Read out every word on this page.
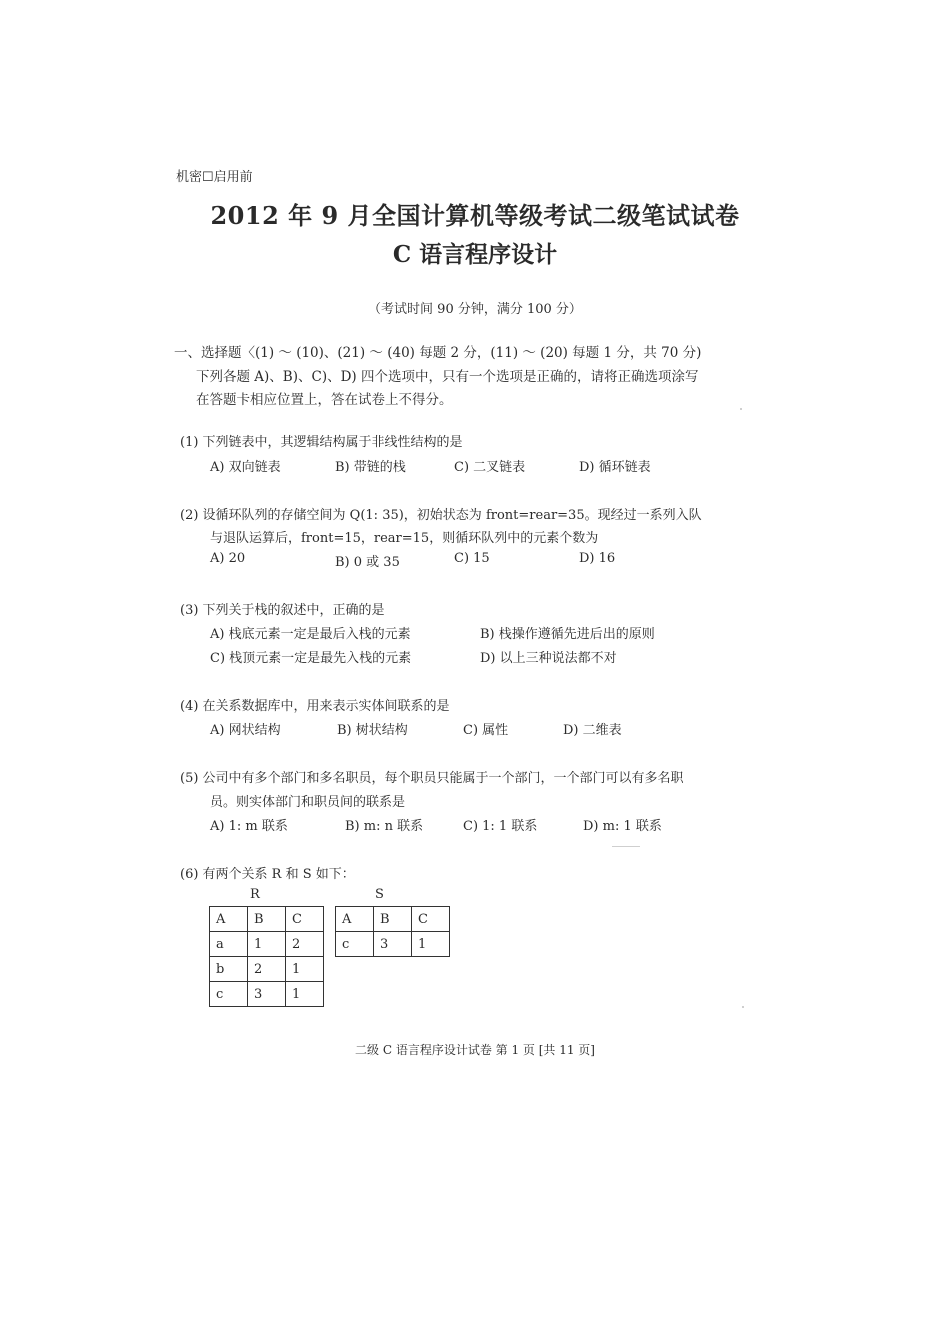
机密☐启用前
2012 年 9 月全国计算机等级考试二级笔试试卷
C 语言程序设计
（考试时间 90 分钟，满分 100 分）
一、选择题〈(1) ～ (10)、(21) ～ (40) 每题 2 分，(11) ～ (20) 每题 1 分，共 70 分)
下列各题 A)、B)、C)、D) 四个选项中，只有一个选项是正确的，请将正确选项涂写
在答题卡相应位置上，答在试卷上不得分。
(1) 下列链表中，其逻辑结构属于非线性结构的是
A) 双向链表	B) 带链的栈	C) 二叉链表	D) 循环链表
(2) 设循环队列的存储空间为 Q(1: 35)，初始状态为 front=rear=35。现经过一系列入队
与退队运算后，front=15，rear=15，则循环队列中的元素个数为
A) 20	B) 0 或 35	C) 15	D) 16
(3) 下列关于栈的叙述中，正确的是
A) 栈底元素一定是最后入栈的元素	B) 栈操作遵循先进后出的原则
C) 栈顶元素一定是最先入栈的元素	D) 以上三种说法都不对
(4) 在关系数据库中，用来表示实体间联系的是
A) 网状结构	B) 树状结构	C) 属性	D) 二维表
(5) 公司中有多个部门和多名职员，每个职员只能属于一个部门，一个部门可以有多名职
员。则实体部门和职员间的联系是
A) 1: m 联系	B) m: n 联系	C) 1: 1 联系	D) m: 1 联系
(6) 有两个关系 R 和 S 如下：
R	S
A	B	C
a	1	2
b	2	1
c	3	1
A	B	C
c	3	1
二级 C 语言程序设计试卷 第 1 页 [共 11 页]
